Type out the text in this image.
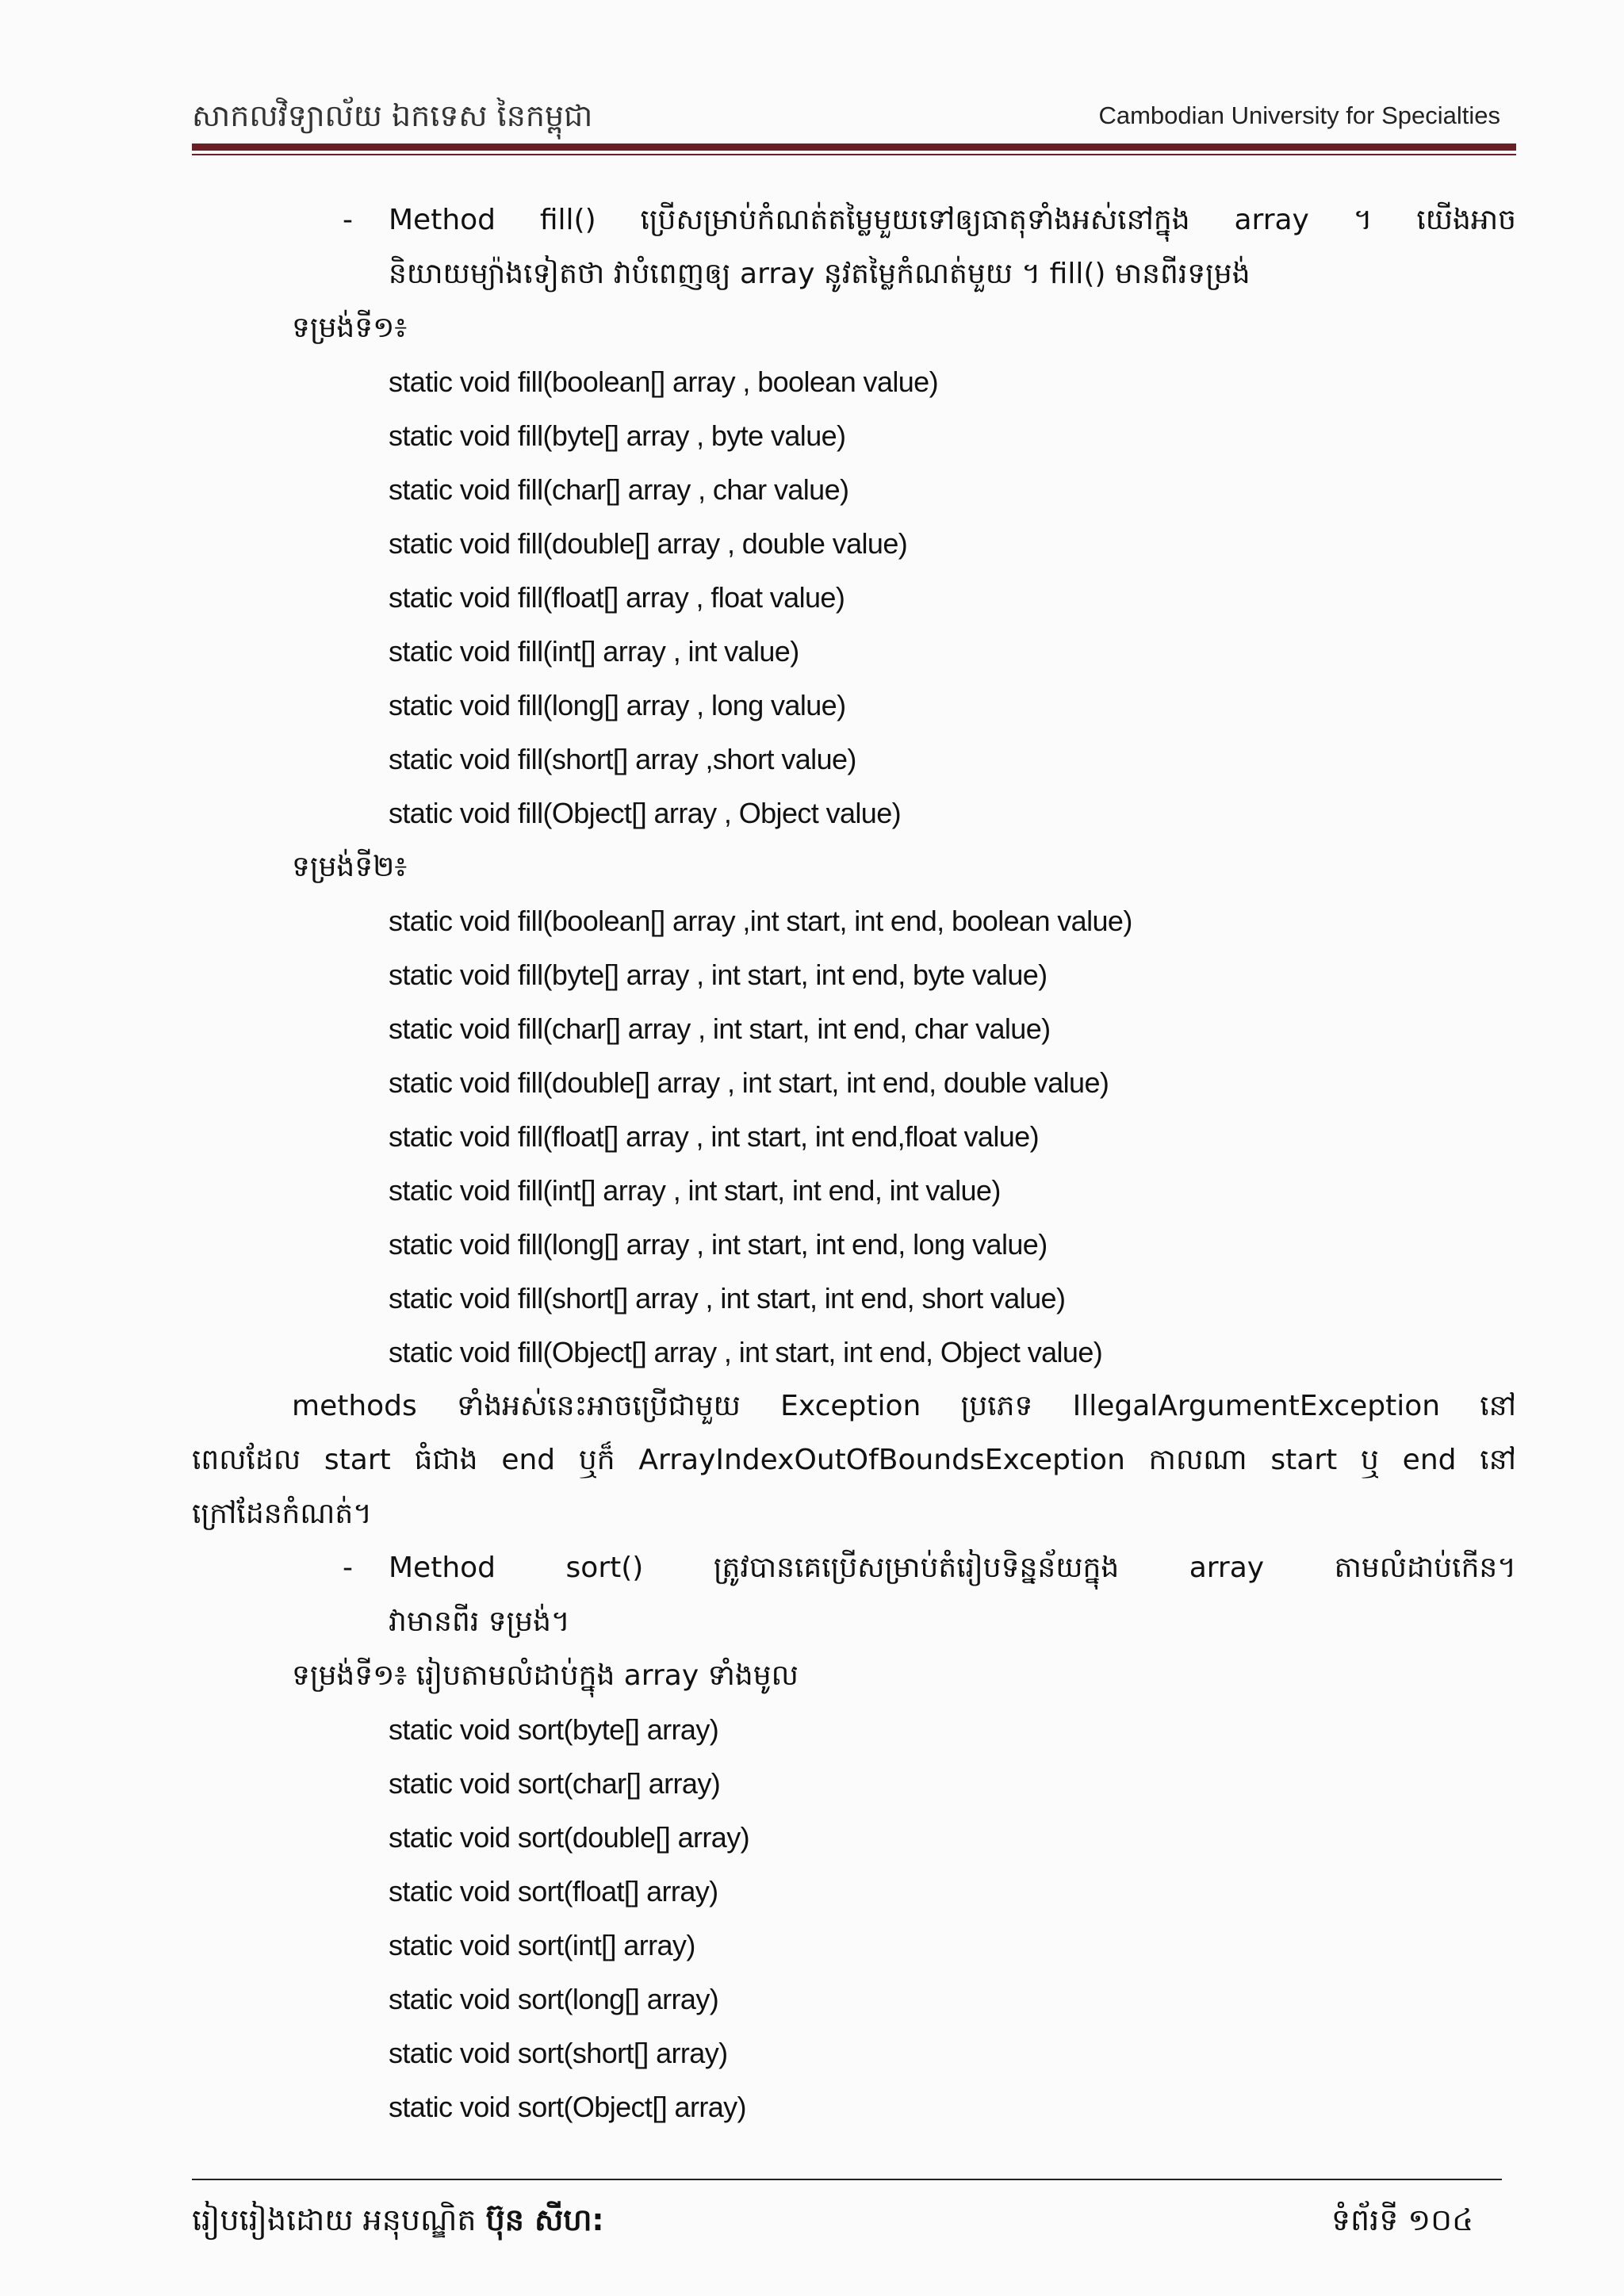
សាកលវិទ្យាល័យ ឯកទេស នៃកម្ពុជា	Cambodian University for Specialties
- Method fill() ប្រើសម្រាប់កំណត់តម្លៃមួយទៅឲ្យធាតុទាំងអស់នៅក្នុង array ។ យើងអាច
និយាយម្យ៉ាងទៀតថា វាបំពេញឲ្យ array នូវតម្លៃកំណត់មួយ ។ fill() មានពីរទម្រង់
ទម្រង់ទី១៖
static void fill(boolean[] array , boolean value)
static void fill(byte[] array , byte value)
static void fill(char[] array , char value)
static void fill(double[] array , double value)
static void fill(float[] array , float value)
static void fill(int[] array , int value)
static void fill(long[] array , long value)
static void fill(short[] array ,short value)
static void fill(Object[] array , Object value)
ទម្រង់ទី២៖
static void fill(boolean[] array ,int start, int end, boolean value)
static void fill(byte[] array , int start, int end, byte value)
static void fill(char[] array , int start, int end, char value)
static void fill(double[] array , int start, int end, double value)
static void fill(float[] array , int start, int end,float value)
static void fill(int[] array , int start, int end, int value)
static void fill(long[] array , int start, int end, long value)
static void fill(short[] array , int start, int end, short value)
static void fill(Object[] array , int start, int end, Object value)
methods ទាំងអស់នេះអាចប្រើជាមួយ Exception ប្រភេទ IllegalArgumentException នៅ
ពេលដែល start ធំជាង end ឬក៏ ArrayIndexOutOfBoundsException កាលណា start ឬ end នៅ
ក្រៅដែនកំណត់។
- Method sort() ត្រូវបានគេប្រើសម្រាប់តំរៀបទិន្នន័យក្នុង array តាមលំដាប់កើន។
វាមានពីរ ទម្រង់។
ទម្រង់ទី១៖ រៀបតាមលំដាប់ក្នុង array ទាំងមូល
static void sort(byte[] array)
static void sort(char[] array)
static void sort(double[] array)
static void sort(float[] array)
static void sort(int[] array)
static void sort(long[] array)
static void sort(short[] array)
static void sort(Object[] array)
រៀបរៀងដោយ អនុបណ្ឌិត ប៊ុន សីហ:	ទំព័រទី ១០៤
